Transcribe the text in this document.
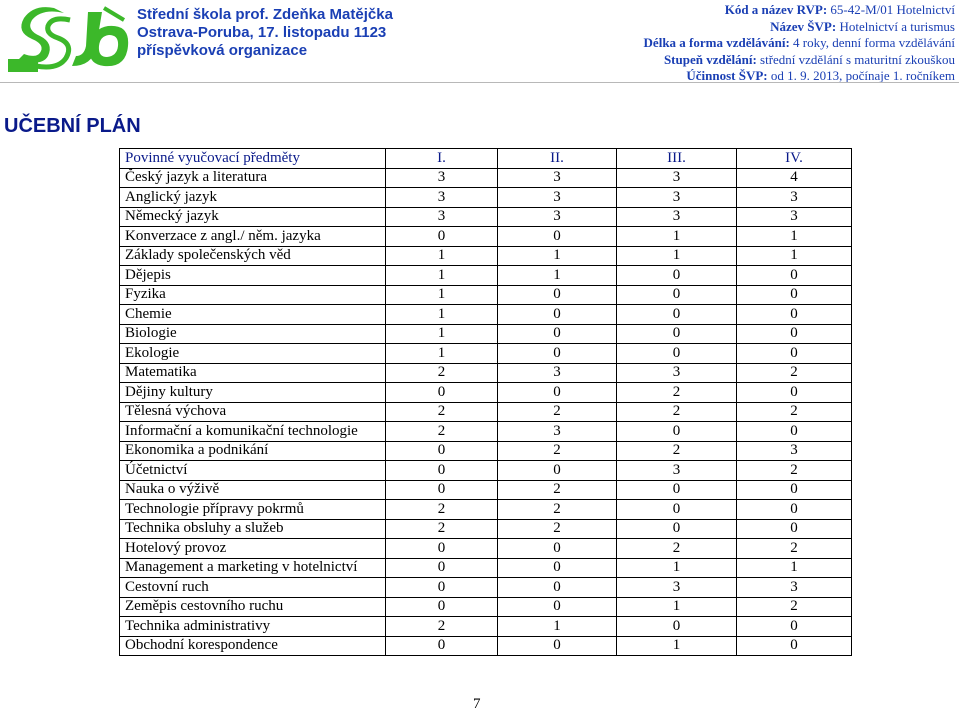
Střední škola prof. Zdeňka Matějčka
Ostrava-Poruba, 17. listopadu 1123
příspěvková organizace
Kód a název RVP: 65-42-M/01 Hotelnictví
Název ŠVP: Hotelnictví a turismus
Délka a forma vzdělávání: 4 roky, denní forma vzdělávání
Stupeň vzdělání: střední vzdělání s maturitní zkouškou
Účinnost ŠVP: od 1. 9. 2013, počínaje 1. ročníkem
UČEBNÍ PLÁN
Povinné vyučovací předměty	I.	II.	III.	IV.
Český jazyk a literatura	3	3	3	4
Anglický jazyk	3	3	3	3
Německý jazyk	3	3	3	3
Konverzace z angl./ něm. jazyka	0	0	1	1
Základy společenských věd	1	1	1	1
Dějepis	1	1	0	0
Fyzika	1	0	0	0
Chemie	1	0	0	0
Biologie	1	0	0	0
Ekologie	1	0	0	0
Matematika	2	3	3	2
Dějiny kultury	0	0	2	0
Tělesná výchova	2	2	2	2
Informační a komunikační technologie	2	3	0	0
Ekonomika a podnikání	0	2	2	3
Účetnictví	0	0	3	2
Nauka o výživě	0	2	0	0
Technologie přípravy pokrmů	2	2	0	0
Technika obsluhy a služeb	2	2	0	0
Hotelový provoz	0	0	2	2
Management a marketing v hotelnictví	0	0	1	1
Cestovní ruch	0	0	3	3
Zeměpis cestovního ruchu	0	0	1	2
Technika administrativy	2	1	0	0
Obchodní korespondence	0	0	1	0
7
